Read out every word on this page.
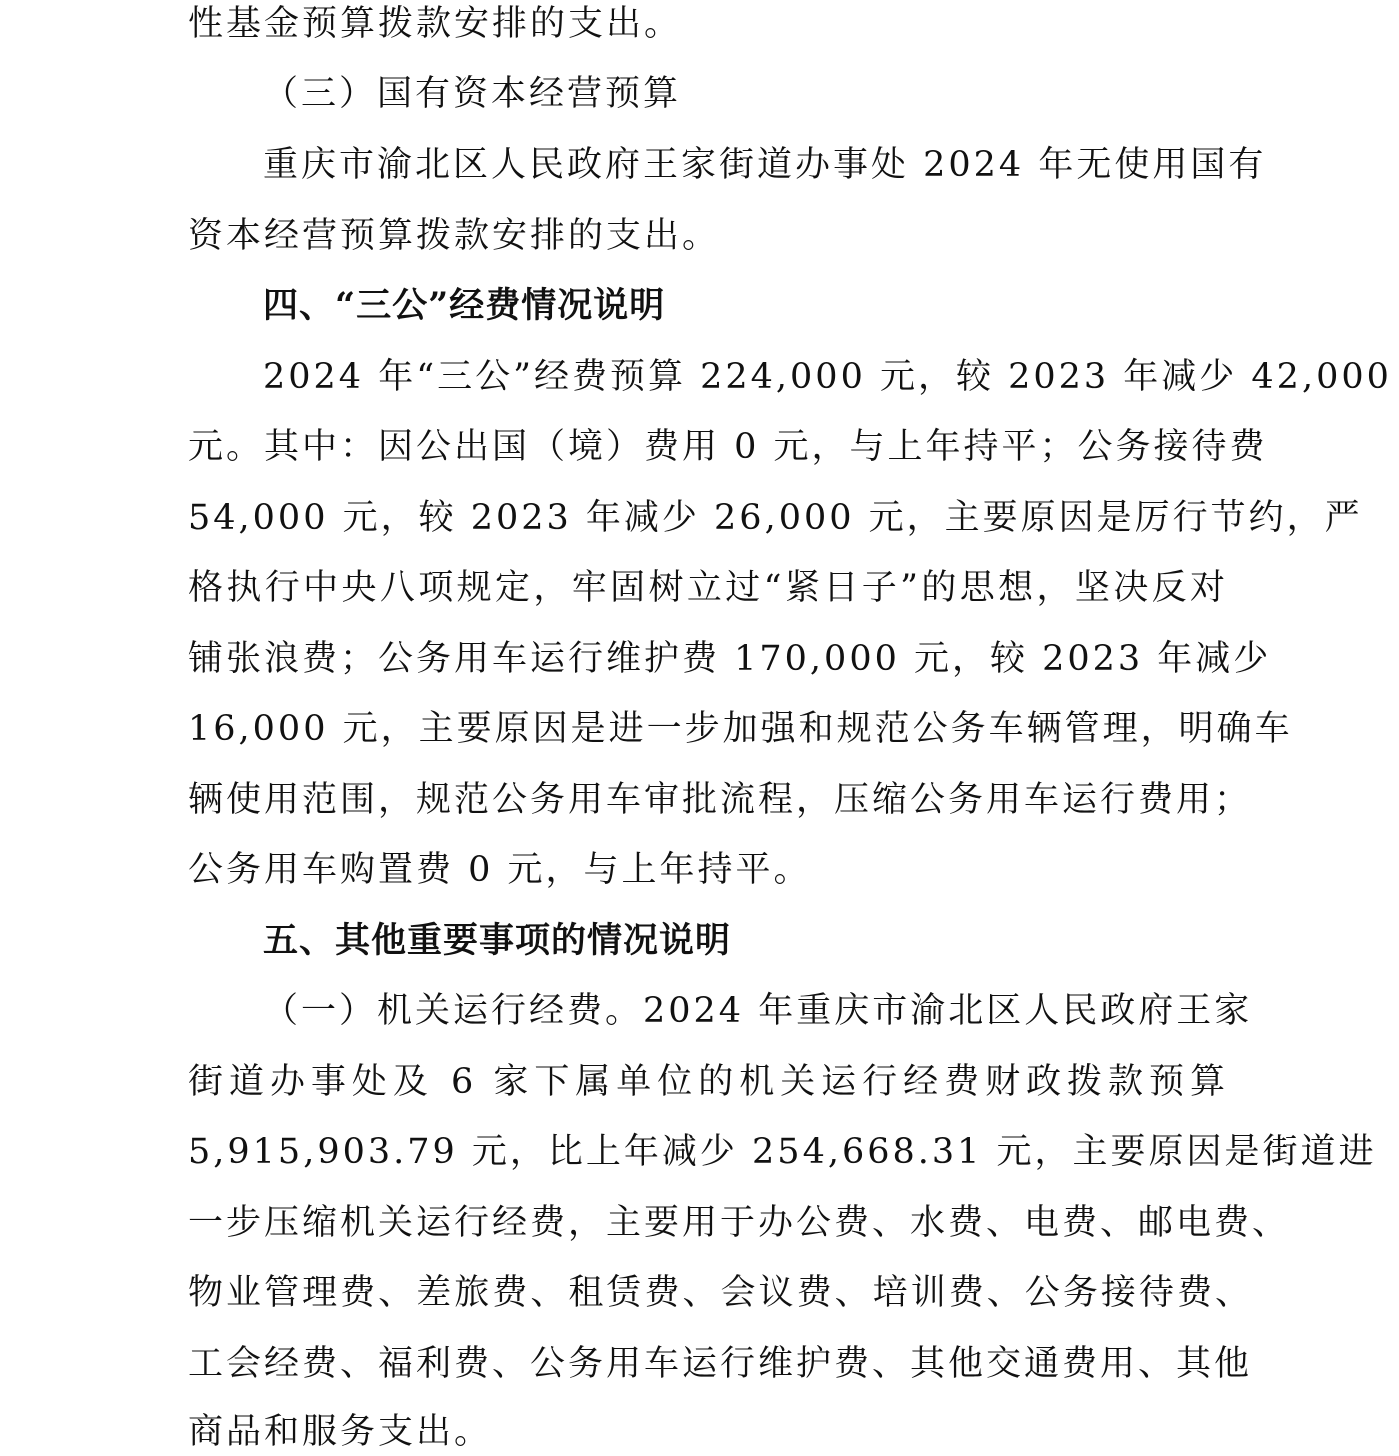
性基金预算拨款安排的支出。
（三）国有资本经营预算
重庆市渝北区人民政府王家街道办事处 2024 年无使用国有
资本经营预算拨款安排的支出。
四、“三公”经费情况说明
2024 年“三公”经费预算 224,000 元，较 2023 年减少 42,000
元。其中：因公出国（境）费用 0 元，与上年持平；公务接待费
54,000 元，较 2023 年减少 26,000 元，主要原因是厉行节约，严
格执行中央八项规定，牢固树立过“紧日子”的思想，坚决反对
铺张浪费；公务用车运行维护费 170,000 元，较 2023 年减少
16,000 元，主要原因是进一步加强和规范公务车辆管理，明确车
辆使用范围，规范公务用车审批流程，压缩公务用车运行费用；
公务用车购置费 0 元，与上年持平。
五、其他重要事项的情况说明
（一）机关运行经费。2024 年重庆市渝北区人民政府王家
街道办事处及 6 家下属单位的机关运行经费财政拨款预算
5,915,903.79 元，比上年减少 254,668.31 元，主要原因是街道进
一步压缩机关运行经费，主要用于办公费、水费、电费、邮电费、
物业管理费、差旅费、租赁费、会议费、培训费、公务接待费、
工会经费、福利费、公务用车运行维护费、其他交通费用、其他
商品和服务支出。
